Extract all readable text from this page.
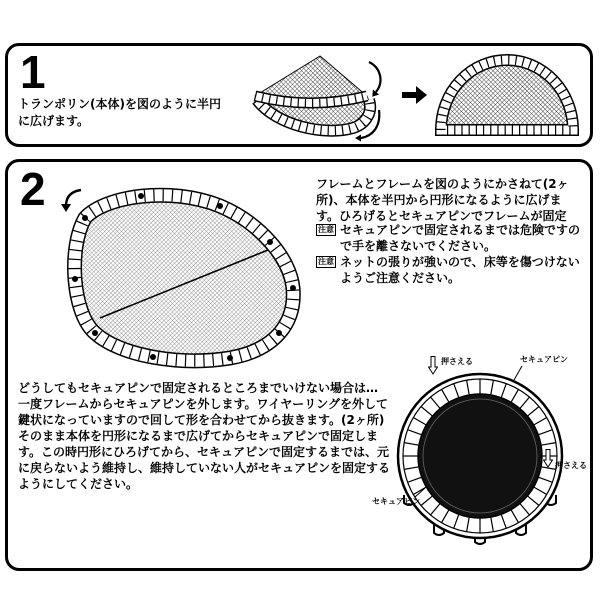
1
トランポリン(本体)を図のように半円
に広げます。
2	フレームとフレームを図のようにかさねて(2ヶ
所)、本体を半円から円形になるように広げま
す。ひろげるとセキュアピンでフレームが固定
注意 セキュアピンで固定されるまでは危険ですの
で手を離さないでください。
注意 ネットの張りが強いので、床等を傷つけない
ようご注意ください。
どうしてもセキュアピンで固定されるところまでいけない場合は…
一度フレームからセキュアピンを外します。ワイヤーリングを外して
鍵状になっていますので回して形を合わせてから抜きます。(2ヶ所)
そのまま本体を円形になるまで広げてからセキュアピンで固定しま
す。この時円形にひろげてから、セキュアピンで固定するまでは、元
に戻らないよう維持し、維持していない人がセキュアピンを固定する
ようにしてください。
押さえる	セキュアピン
押さえる
セキュアピン
